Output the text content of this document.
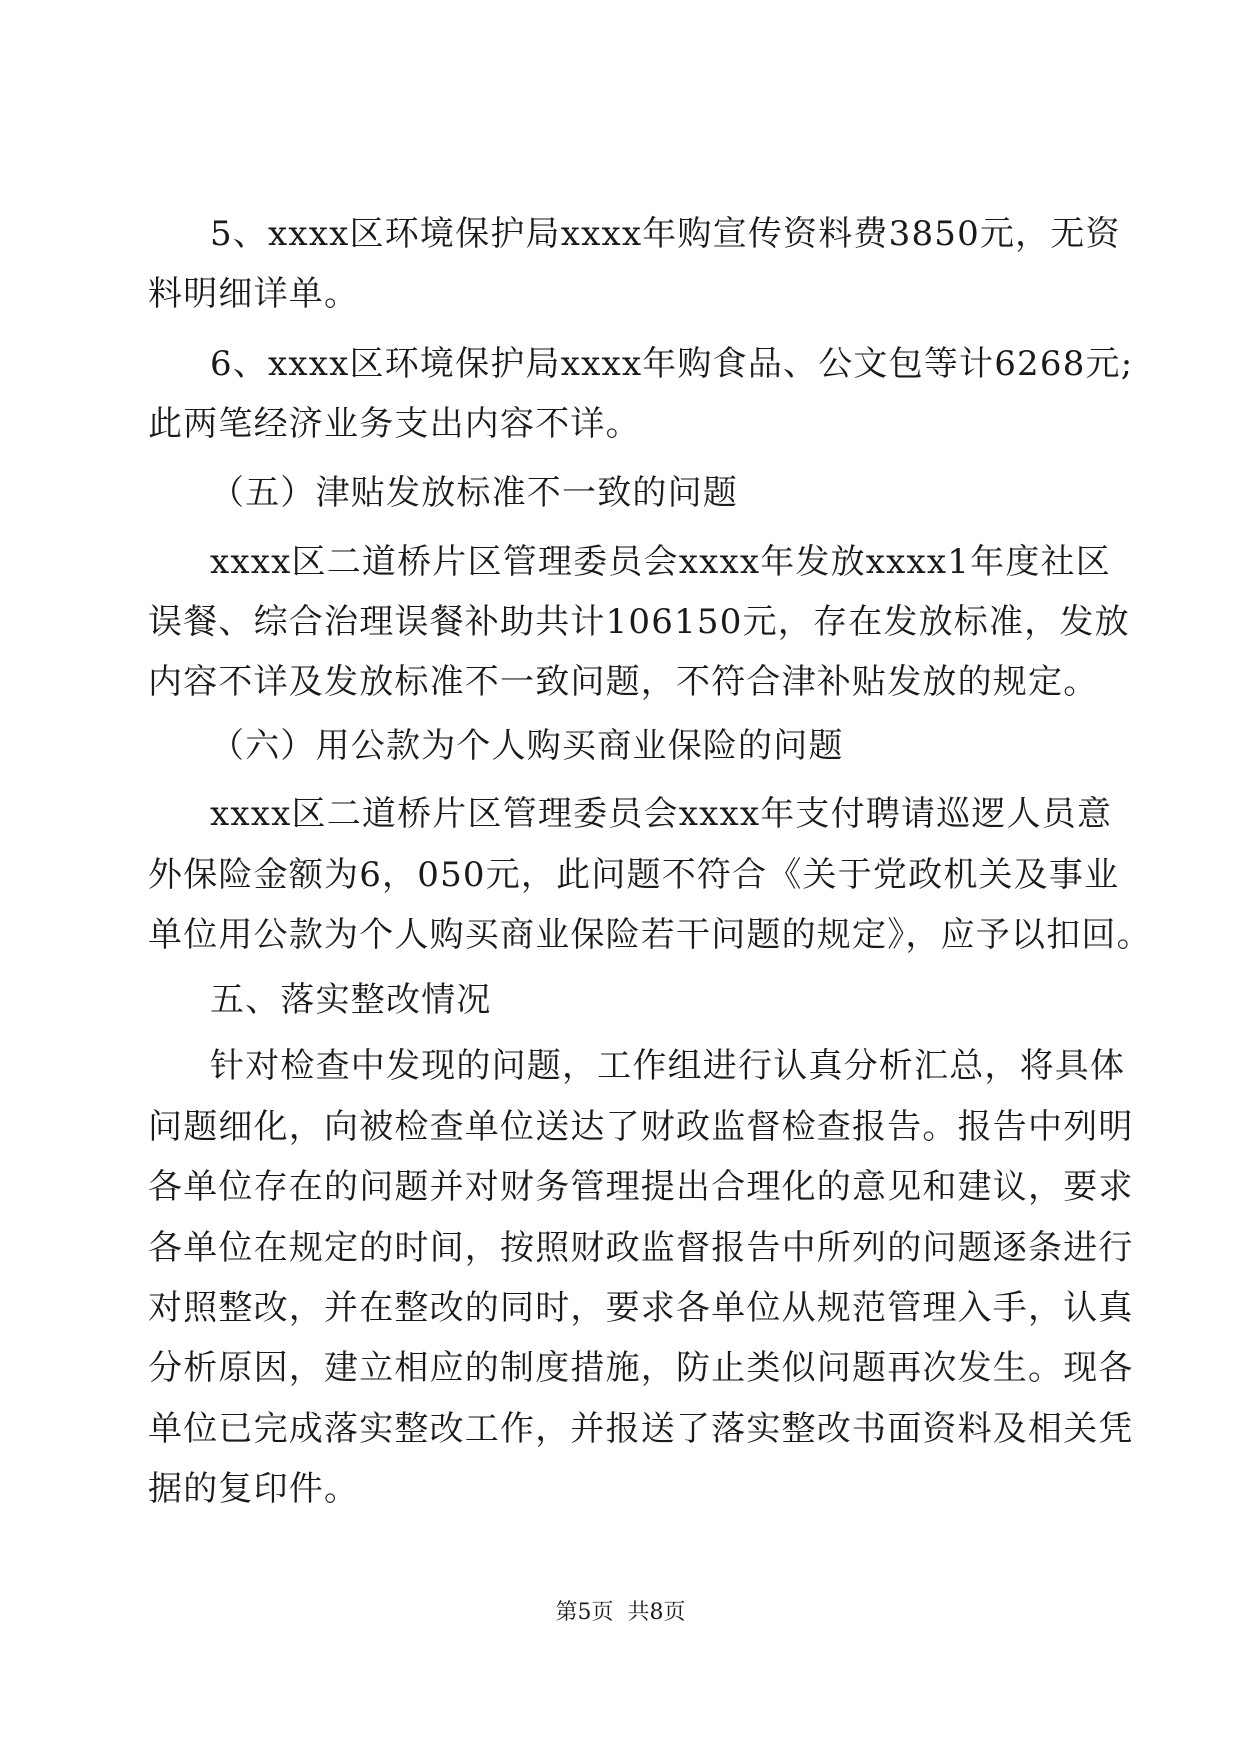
5、xxxx区环境保护局xxxx年购宣传资料费3850元，无资
料明细详单。
6、xxxx区环境保护局xxxx年购食品、公文包等计6268元;
此两笔经济业务支出内容不详。
（五）津贴发放标准不一致的问题
xxxx区二道桥片区管理委员会xxxx年发放xxxx1年度社区
误餐、综合治理误餐补助共计106150元，存在发放标准，发放
内容不详及发放标准不一致问题，不符合津补贴发放的规定。
（六）用公款为个人购买商业保险的问题
xxxx区二道桥片区管理委员会xxxx年支付聘请巡逻人员意
外保险金额为6，050元，此问题不符合《关于党政机关及事业
单位用公款为个人购买商业保险若干问题的规定》，应予以扣回。
五、落实整改情况
针对检查中发现的问题，工作组进行认真分析汇总，将具体
问题细化，向被检查单位送达了财政监督检查报告。报告中列明
各单位存在的问题并对财务管理提出合理化的意见和建议，要求
各单位在规定的时间，按照财政监督报告中所列的问题逐条进行
对照整改，并在整改的同时，要求各单位从规范管理入手，认真
分析原因，建立相应的制度措施，防止类似问题再次发生。现各
单位已完成落实整改工作，并报送了落实整改书面资料及相关凭
据的复印件。
第5页 共8页
